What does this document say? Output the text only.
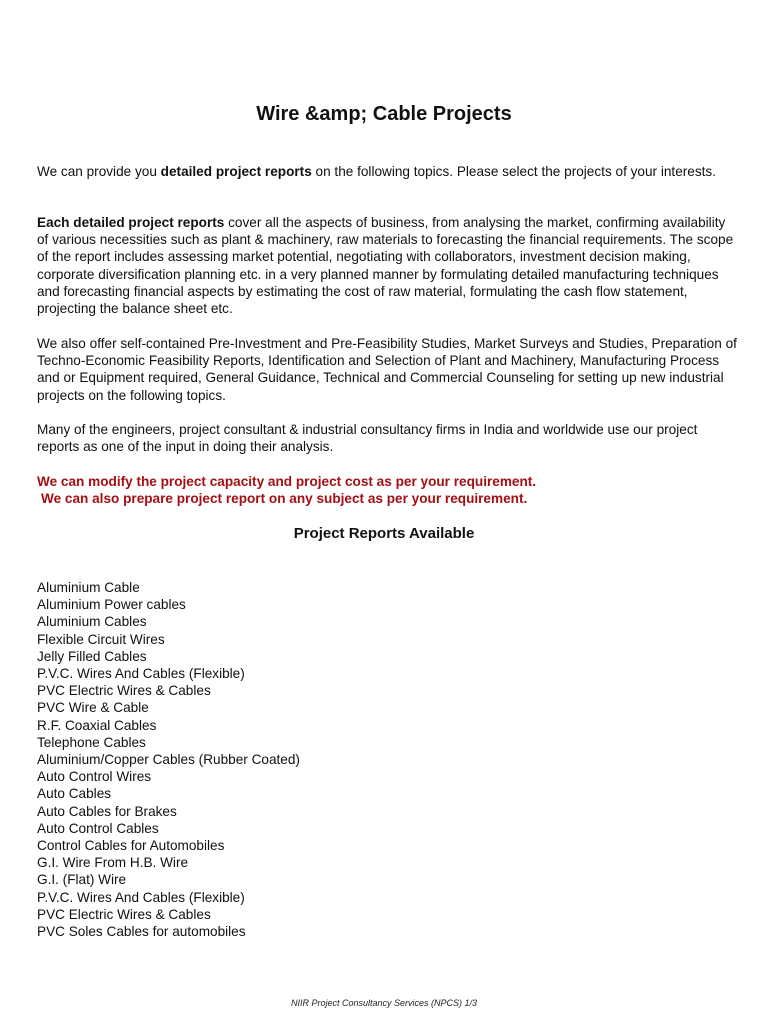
Wire &amp; Cable Projects

We can provide you detailed project reports on the following topics. Please select the projects of your interests.

Each detailed project reports cover all the aspects of business, from analysing the market, confirming availability of various necessities such as plant & machinery, raw materials to forecasting the financial requirements. The scope of the report includes assessing market potential, negotiating with collaborators, investment decision making, corporate diversification planning etc. in a very planned manner by formulating detailed manufacturing techniques and forecasting financial aspects by estimating the cost of raw material, formulating the cash flow statement, projecting the balance sheet etc.

We also offer self-contained Pre-Investment and Pre-Feasibility Studies, Market Surveys and Studies, Preparation of Techno-Economic Feasibility Reports, Identification and Selection of Plant and Machinery, Manufacturing Process and or Equipment required, General Guidance, Technical and Commercial Counseling for setting up new industrial projects on the following topics.

Many of the engineers, project consultant & industrial consultancy firms in India and worldwide use our project reports as one of the input in doing their analysis.

We can modify the project capacity and project cost as per your requirement.
We can also prepare project report on any subject as per your requirement.

Project Reports Available
Aluminium Cable
Aluminium Power cables
Aluminium Cables
Flexible Circuit Wires
Jelly Filled Cables
P.V.C. Wires And Cables (Flexible)
PVC Electric Wires & Cables
PVC Wire & Cable
R.F. Coaxial Cables
Telephone Cables
Aluminium/Copper Cables (Rubber Coated)
Auto Control Wires
Auto Cables
Auto Cables for Brakes
Auto Control Cables
Control Cables for Automobiles
G.I. Wire From H.B. Wire
G.I. (Flat) Wire
P.V.C. Wires And Cables (Flexible)
PVC Electric Wires & Cables
PVC Soles Cables for automobiles
NIIR Project Consultancy Services (NPCS) 1/3
